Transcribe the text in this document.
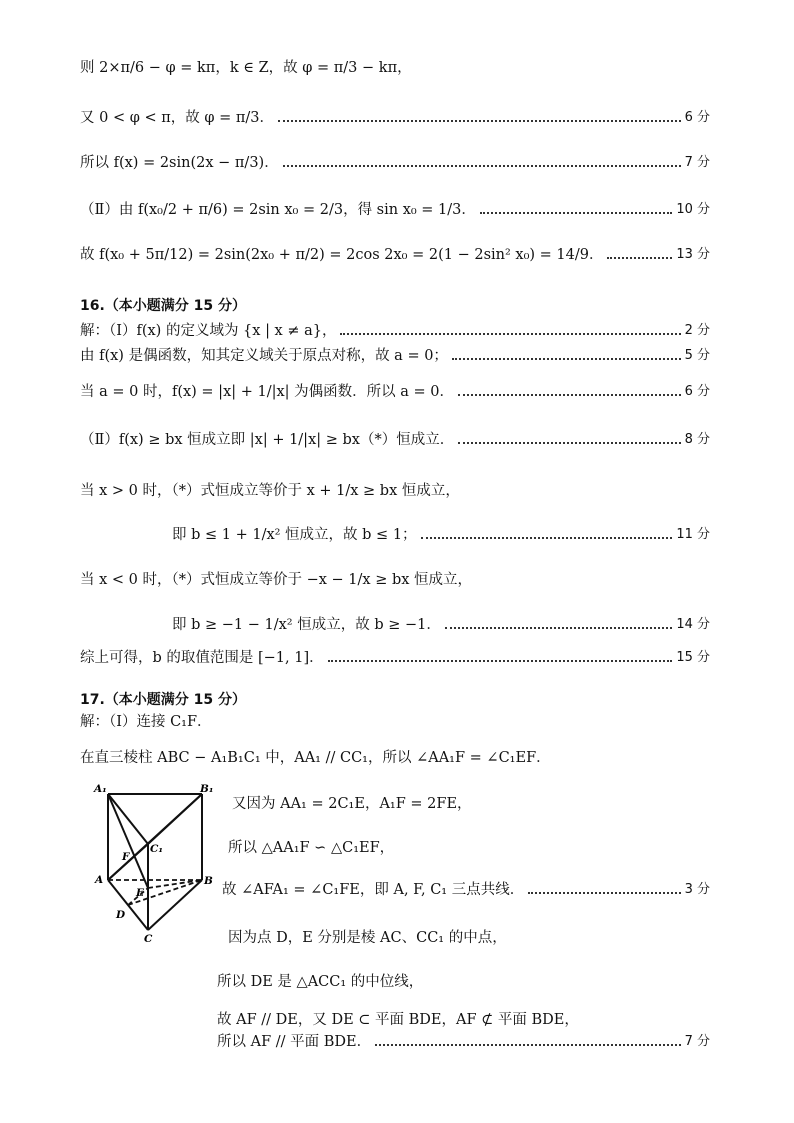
则 2×π/6 − φ = kπ，k ∈ Z，故 φ = π/3 − kπ，
又 0 < φ < π，故 φ = π/3．	6 分
所以 f(x) = 2sin(2x − π/3)．	7 分
（Ⅱ）由 f(x₀/2 + π/6) = 2sin x₀ = 2/3，得 sin x₀ = 1/3．	10 分
故 f(x₀ + 5π/12) = 2sin(2x₀ + π/2) = 2cos 2x₀ = 2(1 − 2sin² x₀) = 14/9．	13 分
16.（本小题满分 15 分）
解：（Ⅰ）f(x) 的定义域为 {x | x ≠ a}，	2 分
由 f(x) 是偶函数，知其定义域关于原点对称，故 a = 0；	5 分
当 a = 0 时，f(x) = |x| + 1/|x| 为偶函数．所以 a = 0．	6 分
（Ⅱ）f(x) ≥ bx 恒成立即 |x| + 1/|x| ≥ bx（*）恒成立．	8 分
当 x > 0 时，（*）式恒成立等价于 x + 1/x ≥ bx 恒成立，
即 b ≤ 1 + 1/x² 恒成立，故 b ≤ 1；	11 分
当 x < 0 时，（*）式恒成立等价于 −x − 1/x ≥ bx 恒成立，
即 b ≥ −1 − 1/x² 恒成立，故 b ≥ −1．	14 分
综上可得，b 的取值范围是 [−1, 1]．	15 分
17.（本小题满分 15 分）
解：（Ⅰ）连接 C₁F．
在直三棱柱 ABC − A₁B₁C₁ 中，AA₁ // CC₁，所以 ∠AA₁F = ∠C₁EF．
A₁	B₁
C₁
A	B
C
D
E
F
又因为 AA₁ = 2C₁E，A₁F = 2FE，
所以 △AA₁F ∽ △C₁EF，
故 ∠AFA₁ = ∠C₁FE，即 A, F, C₁ 三点共线．	3 分
因为点 D，E 分别是棱 AC、CC₁ 的中点，
所以 DE 是 △ACC₁ 的中位线，
故 AF // DE，又 DE ⊂ 平面 BDE，AF ⊄ 平面 BDE，
所以 AF // 平面 BDE．	7 分
